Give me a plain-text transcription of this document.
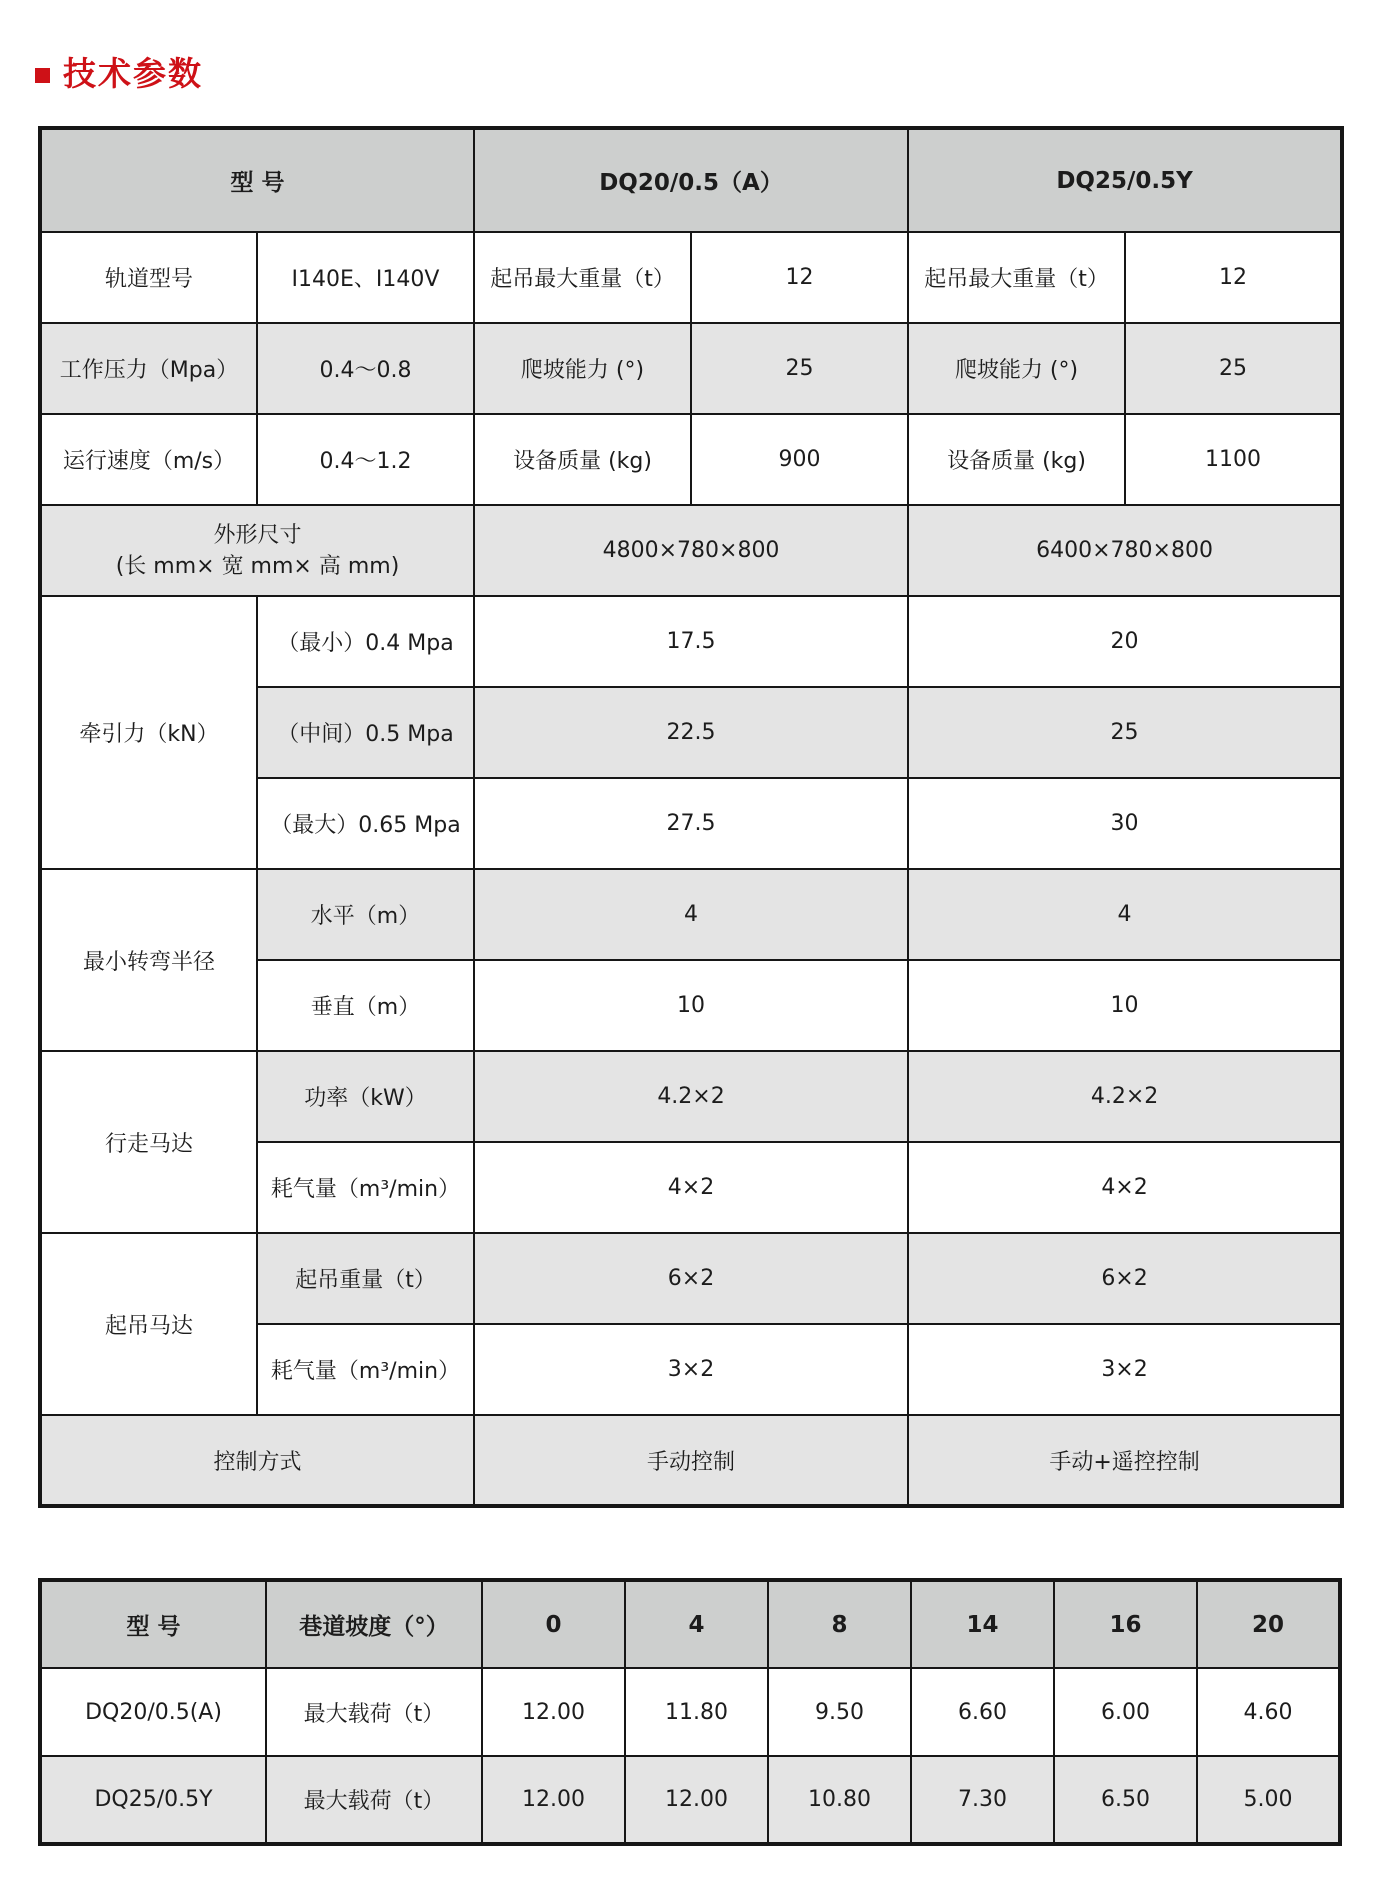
技术参数
型 号		DQ20/0.5（A）		DQ25/0.5Y	
轨道型号	I140E、I140V	起吊最大重量（t）	12	起吊最大重量（t）	12
工作压力（Mpa）	0.4～0.8	爬坡能力 (°)	25	爬坡能力 (°)	25
运行速度（m/s）	0.4～1.2	设备质量 (kg)	900	设备质量 (kg)	1100

外形尺寸
(长 mm× 宽 mm× 高 mm)		4800×780×800		6400×780×800	
牵引力（kN）	（最小）0.4 Mpa	17.5		20	
	（中间）0.5 Mpa	22.5		25	
	（最大）0.65 Mpa	27.5		30	
最小转弯半径	水平（m）	4		4	
	垂直（m）	10		10	
行走马达	功率（kW）	4.2×2		4.2×2	
	耗气量（m³/min）	4×2		4×2	
起吊马达	起吊重量（t）	6×2		6×2	
	耗气量（m³/min）	3×2		3×2	
控制方式		手动控制		手动+遥控控制	
型 号	巷道坡度（°）	0	4	8	14	16	20
DQ20/0.5(A)	最大载荷（t）	12.00	11.80	9.50	6.60	6.00	4.60
DQ25/0.5Y	最大载荷（t）	12.00	12.00	10.80	7.30	6.50	5.00
